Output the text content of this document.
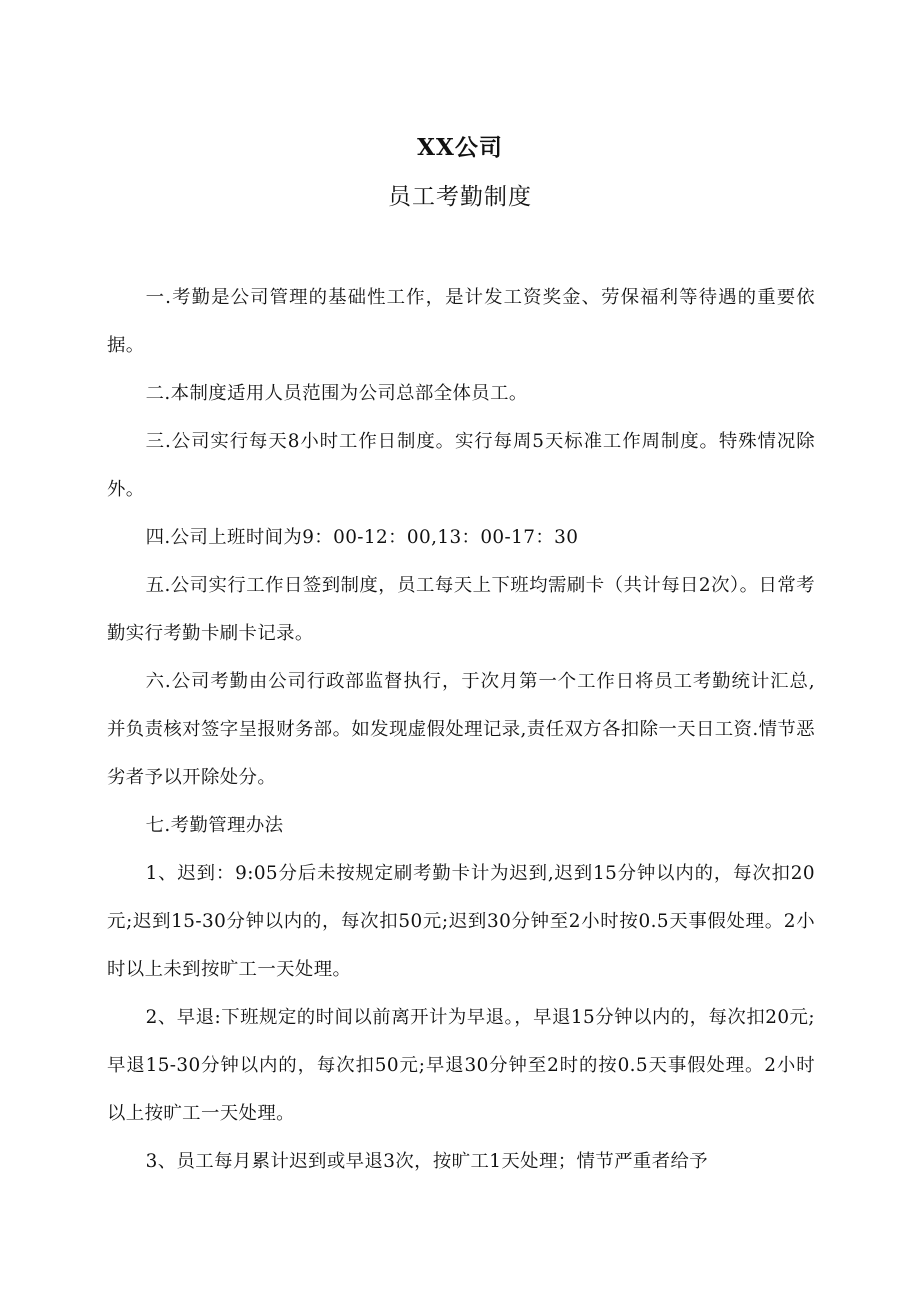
XX公司
员工考勤制度

一.考勤是公司管理的基础性工作，是计发工资奖金、劳保福利等待遇的重要依据。

二.本制度适用人员范围为公司总部全体员工。

三.公司实行每天8小时工作日制度。实行每周5天标准工作周制度。特殊情况除外。

四.公司上班时间为9：00-12：00,13：00-17：30

五.公司实行工作日签到制度，员工每天上下班均需刷卡（共计每日2次）。日常考勤实行考勤卡刷卡记录。

六.公司考勤由公司行政部监督执行，于次月第一个工作日将员工考勤统计汇总,并负责核对签字呈报财务部。如发现虚假处理记录,责任双方各扣除一天日工资.情节恶劣者予以开除处分。

七.考勤管理办法

1、迟到：9:05分后未按规定刷考勤卡计为迟到,迟到15分钟以内的，每次扣20元;迟到15-30分钟以内的，每次扣50元;迟到30分钟至2小时按0.5天事假处理。2小时以上未到按旷工一天处理。

2、早退:下班规定的时间以前离开计为早退。，早退15分钟以内的，每次扣20元;早退15-30分钟以内的，每次扣50元;早退30分钟至2时的按0.5天事假处理。2小时以上按旷工一天处理。

3、员工每月累计迟到或早退3次，按旷工1天处理；情节严重者给予
